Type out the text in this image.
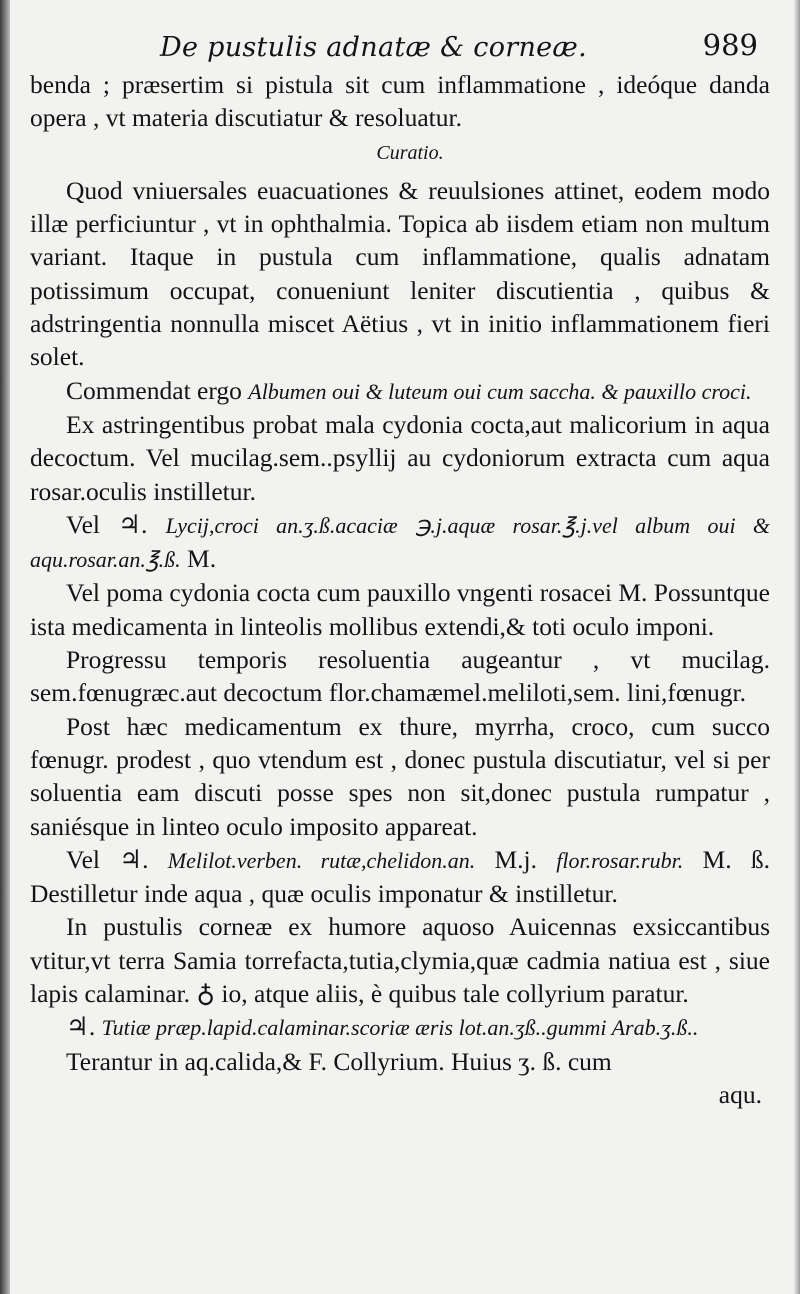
De pustulis adnatæ & corneæ.	989

benda ; præsertim si pistula sit cum inflammatione , ideóque danda opera , vt materia discutiatur & resoluatur.

Curatio.

Quod vniuersales euacuationes & reuulsiones attinet, eodem modo illæ perficiuntur , vt in ophthalmia. Topica ab iisdem etiam non multum variant. Itaque in pustula cum inflammatione, qualis adnatam potissimum occupat, conueniunt leniter discutientia , quibus & adstringentia nonnulla miscet Aëtius , vt in initio inflammationem fieri solet.

Commendat ergo Albumen oui & luteum oui cum saccha. & pauxillo croci.

Ex astringentibus probat mala cydonia cocta,aut malicorium in aqua decoctum. Vel mucilag.sem..psyllij au cydoniorum extracta cum aqua rosar.oculis instilletur.

Vel ♃. Lycij,croci an.ʒ.ß.acaciæ ℈.j.aquæ rosar.℥.j.vel album oui & aqu.rosar.an.℥.ß. M.

Vel poma cydonia cocta cum pauxillo vngenti rosacei M. Possuntque ista medicamenta in linteolis mollibus extendi,& toti oculo imponi.

Progressu temporis resoluentia augeantur , vt mucilag. sem.fœnugræc.aut decoctum flor.chamæmel.meliloti,sem. lini,fœnugr.

Post hæc medicamentum ex thure, myrrha, croco, cum succo fœnugr. prodest , quo vtendum est , donec pustula discutiatur, vel si per soluentia eam discuti posse spes non sit,donec pustula rumpatur , saniésque in linteo oculo imposito appareat.

Vel ♃. Melilot.verben. rutæ,chelidon.an. M.j. flor.rosar.rubr. M. ß. Destilletur inde aqua , quæ oculis imponatur & instilletur.

In pustulis corneæ ex humore aquoso Auicennas exsiccantibus vtitur,vt terra Samia torrefacta,tutia,clymia,quæ cadmia natiua est , siue lapis calaminar. ♁ io, atque aliis, è quibus tale collyrium paratur.

♃. Tutiæ præp.lapid.calaminar.scoriæ æris lot.an.ʒß..gummi Arab.ʒ.ß..

Terantur in aq.calida,& F. Collyrium. Huius ʒ. ß. cum

aqu.
